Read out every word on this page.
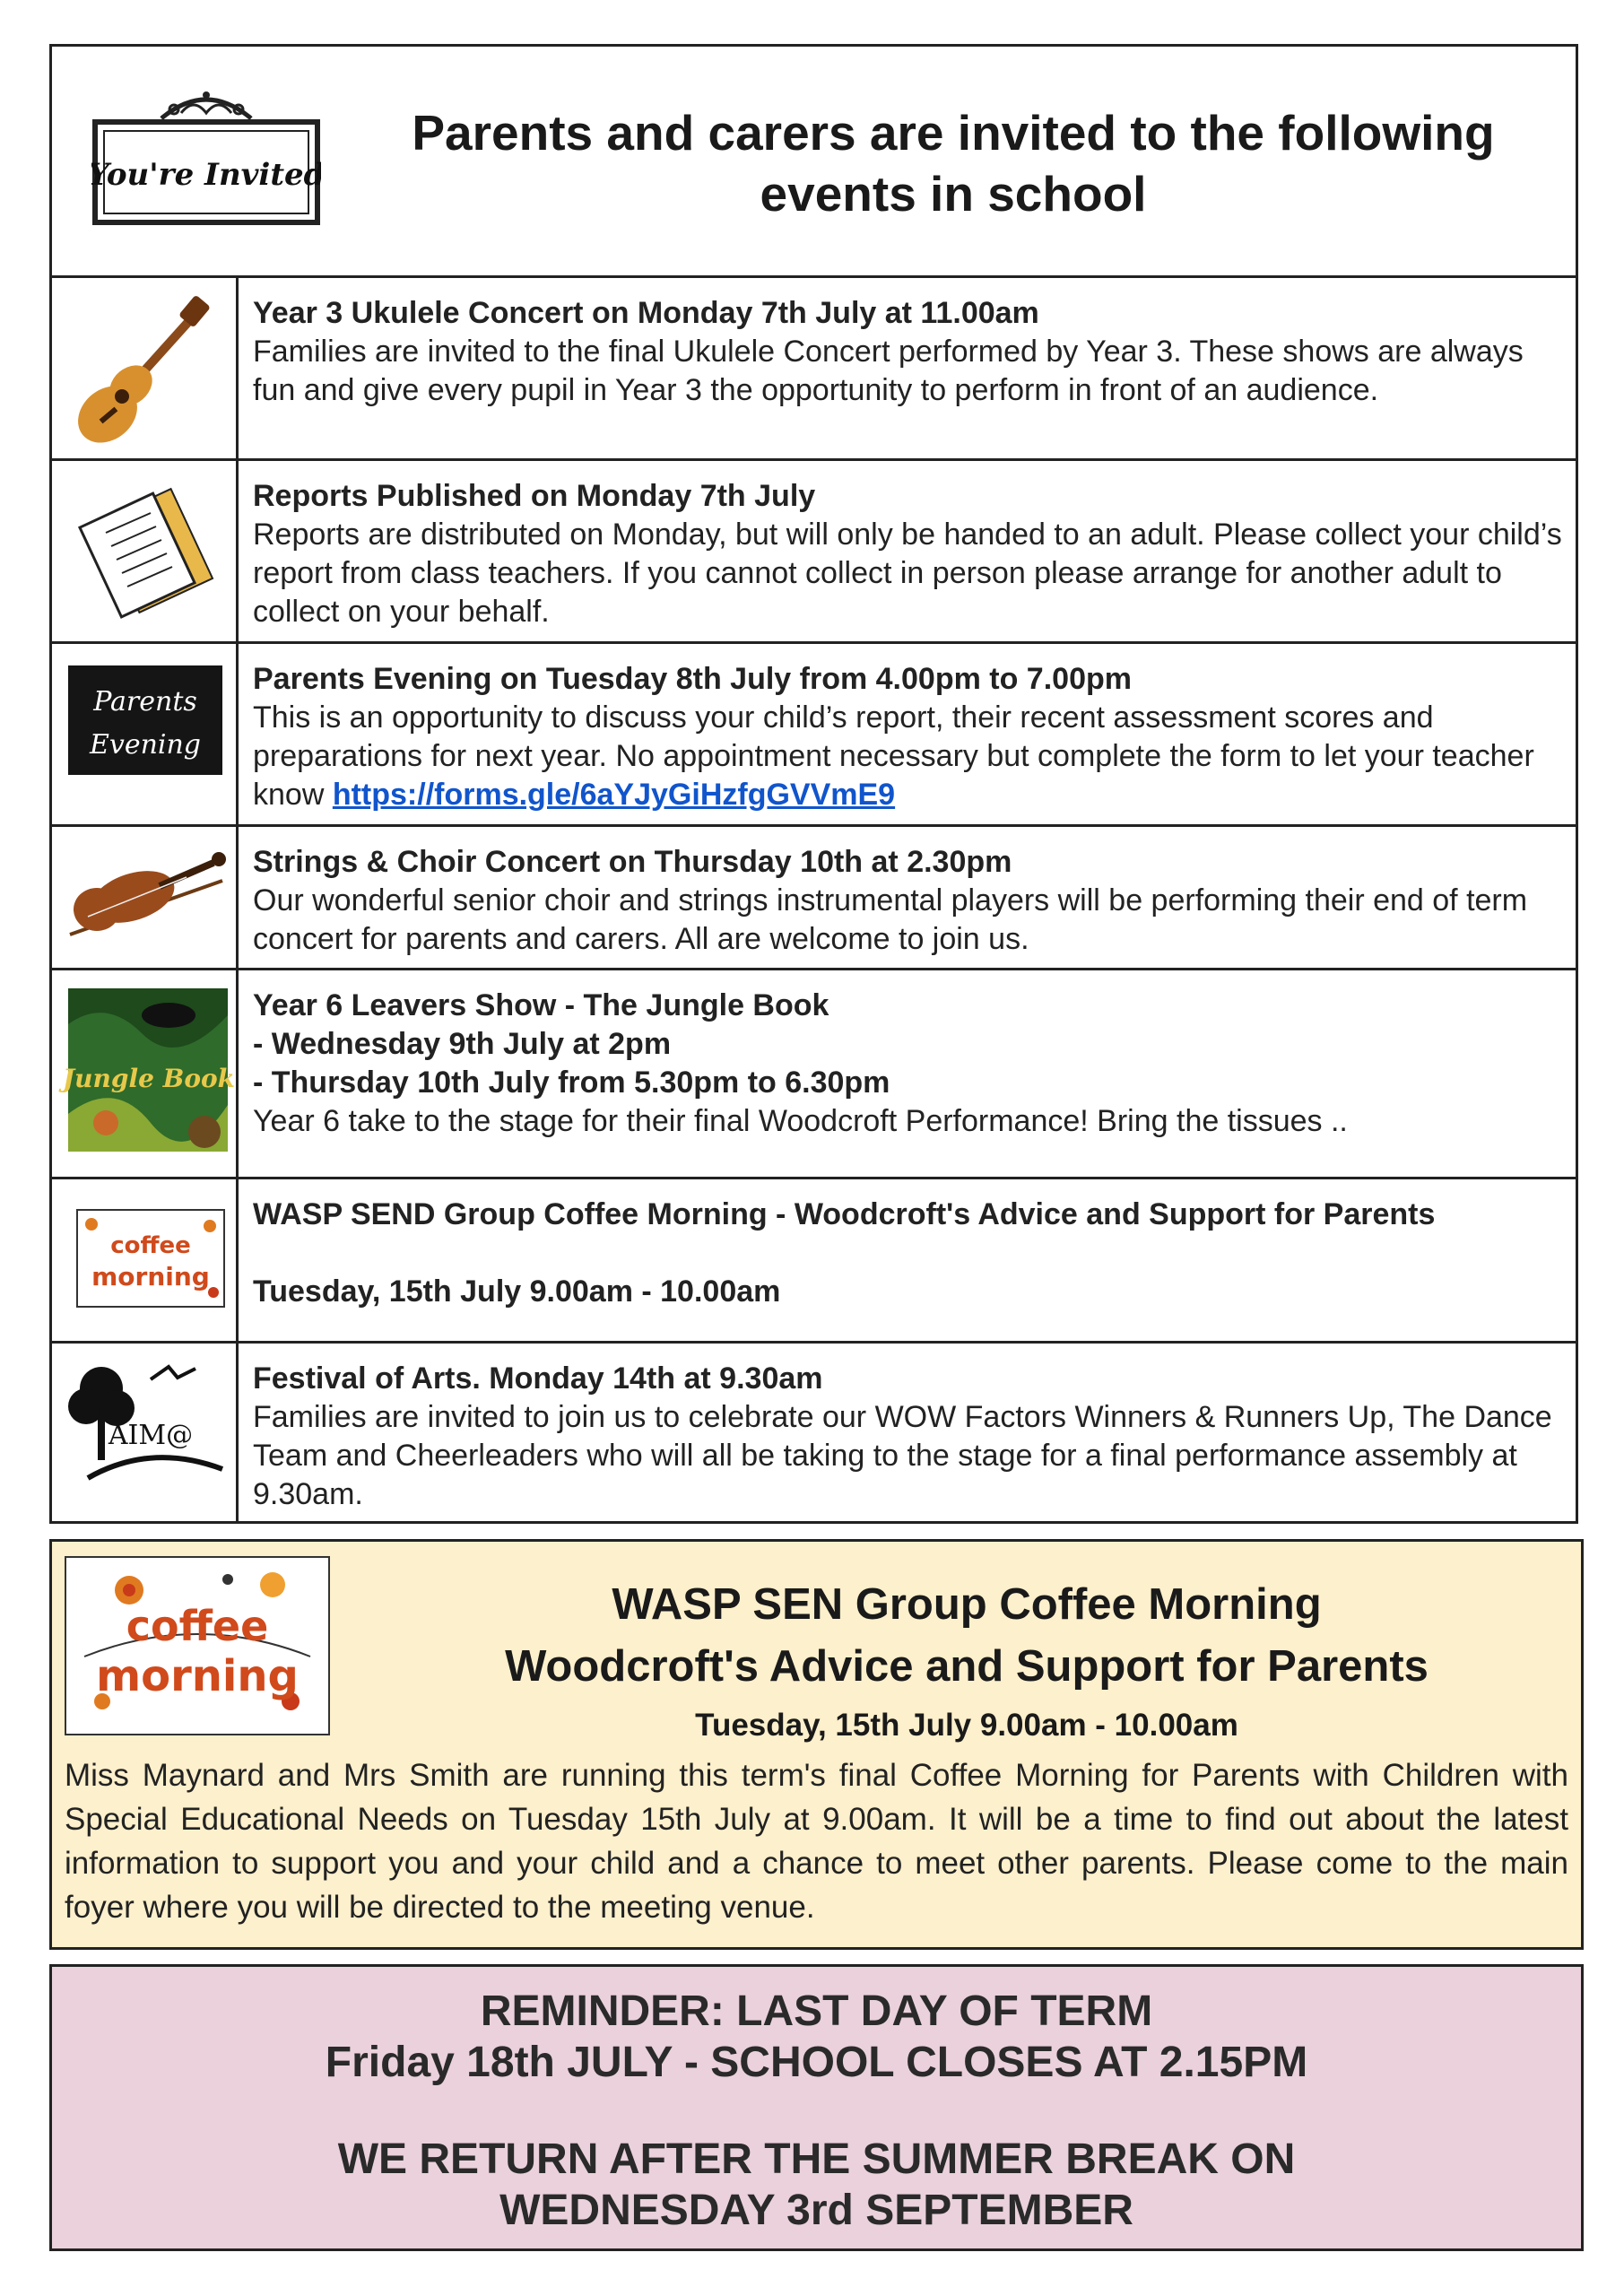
You're Invited
Parents and carers are invited to the following events in school
Year 3 Ukulele Concert on Monday 7th July at 11.00am
Families are invited to the final Ukulele Concert performed by Year 3. These shows are always fun and give every pupil in Year 3 the opportunity to perform in front of an audience.
Reports Published on Monday 7th July
Reports are distributed on Monday, but will only be handed to an adult. Please collect your child’s report from class teachers. If you cannot collect in person please arrange for another adult to collect on your behalf.
Parents
Evening
Parents Evening on Tuesday 8th July from 4.00pm to 7.00pm
This is an opportunity to discuss your child’s report, their recent assessment scores and preparations for next year. No appointment necessary but complete the form to let your teacher know https://forms.gle/6aYJyGiHzfgGVVmE9
Strings & Choir Concert on Thursday 10th at 2.30pm
Our wonderful senior choir and strings instrumental players will be performing their end of term concert for parents and carers. All are welcome to join us.
Jungle Book
Year 6 Leavers Show - The Jungle Book
- Wednesday 9th July at 2pm
- Thursday 10th July from 5.30pm to 6.30pm
Year 6 take to the stage for their final Woodcroft Performance! Bring the tissues ..
coffee
morning
WASP SEND Group Coffee Morning - Woodcroft's Advice and Support for Parents
Tuesday, 15th July 9.00am - 10.00am
AIM@
Festival of Arts. Monday 14th at 9.30am
Families are invited to join us to celebrate our WOW Factors Winners & Runners Up, The Dance Team and Cheerleaders who will all be taking to the stage for a final performance assembly at 9.30am.
coffee
morning
WASP SEN Group Coffee Morning
Woodcroft's Advice and Support for Parents
Tuesday, 15th July 9.00am - 10.00am
Miss Maynard and Mrs Smith are running this term's final Coffee Morning for Parents with Children with Special Educational Needs on Tuesday 15th July at 9.00am. It will be a time to find out about the latest information to support you and your child and a chance to meet other parents. Please come to the main foyer where you will be directed to the meeting venue.
REMINDER: LAST DAY OF TERM
Friday 18th JULY - SCHOOL CLOSES AT 2.15PM
WE RETURN AFTER THE SUMMER BREAK ON
WEDNESDAY 3rd SEPTEMBER
